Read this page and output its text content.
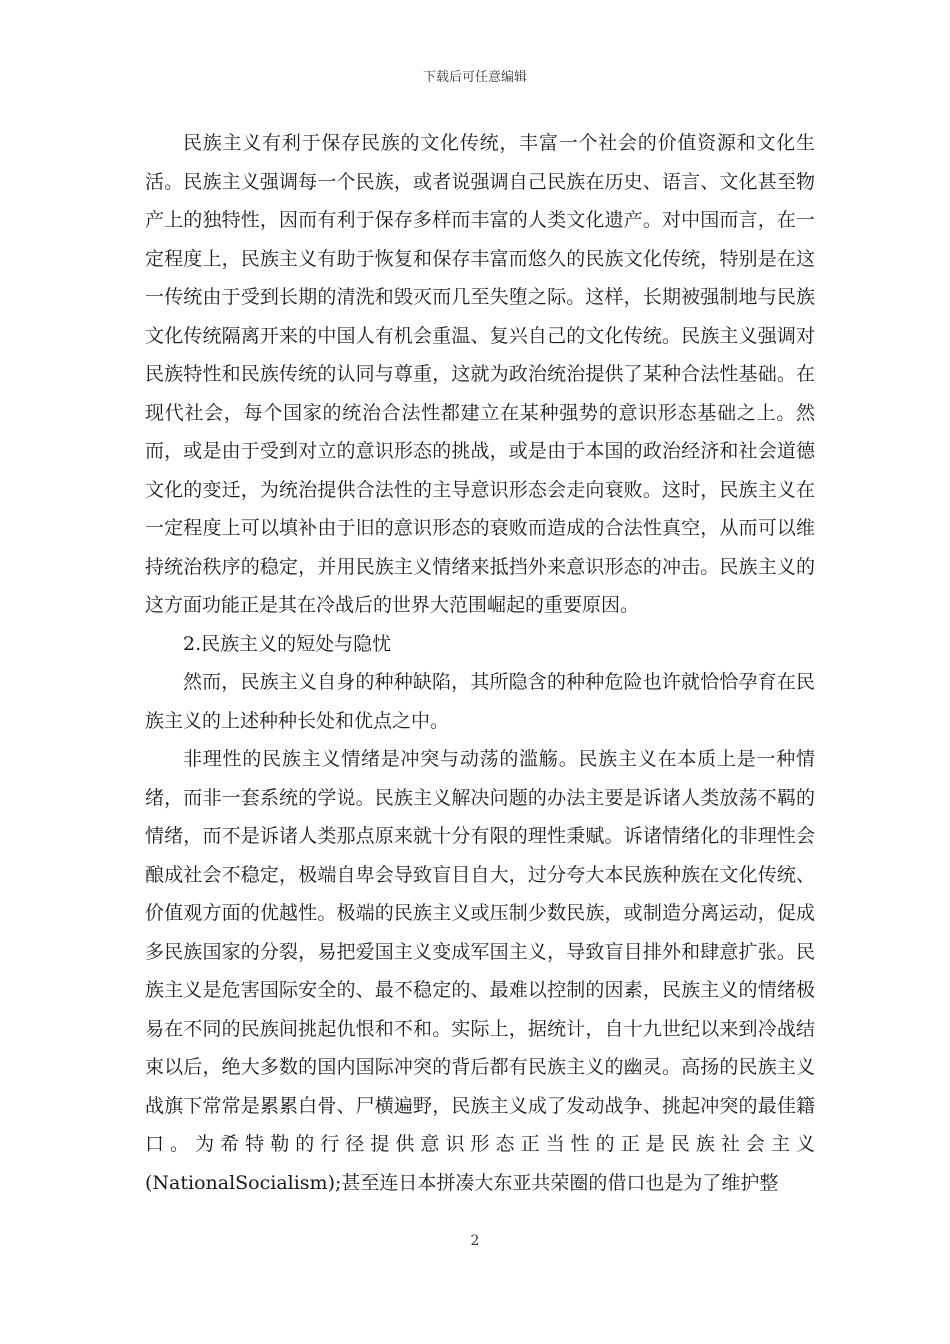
下载后可任意编辑

民族主义有利于保存民族的文化传统，丰富一个社会的价值资源和文化生活。民族主义强调每一个民族，或者说强调自己民族在历史、语言、文化甚至物产上的独特性，因而有利于保存多样而丰富的人类文化遗产。对中国而言，在一定程度上，民族主义有助于恢复和保存丰富而悠久的民族文化传统，特别是在这一传统由于受到长期的清洗和毁灭而几至失堕之际。这样，长期被强制地与民族文化传统隔离开来的中国人有机会重温、复兴自己的文化传统。民族主义强调对民族特性和民族传统的认同与尊重，这就为政治统治提供了某种合法性基础。在现代社会，每个国家的统治合法性都建立在某种强势的意识形态基础之上。然而，或是由于受到对立的意识形态的挑战，或是由于本国的政治经济和社会道德文化的变迁，为统治提供合法性的主导意识形态会走向衰败。这时，民族主义在一定程度上可以填补由于旧的意识形态的衰败而造成的合法性真空，从而可以维持统治秩序的稳定，并用民族主义情绪来抵挡外来意识形态的冲击。民族主义的这方面功能正是其在冷战后的世界大范围崛起的重要原因。

2.民族主义的短处与隐忧

然而，民族主义自身的种种缺陷，其所隐含的种种危险也许就恰恰孕育在民族主义的上述种种长处和优点之中。

非理性的民族主义情绪是冲突与动荡的滥觞。民族主义在本质上是一种情绪，而非一套系统的学说。民族主义解决问题的办法主要是诉诸人类放荡不羁的情绪，而不是诉诸人类那点原来就十分有限的理性秉赋。诉诸情绪化的非理性会酿成社会不稳定，极端自卑会导致盲目自大，过分夸大本民族种族在文化传统、价值观方面的优越性。极端的民族主义或压制少数民族，或制造分离运动，促成多民族国家的分裂，易把爱国主义变成军国主义，导致盲目排外和肆意扩张。民族主义是危害国际安全的、最不稳定的、最难以控制的因素，民族主义的情绪极易在不同的民族间挑起仇恨和不和。实际上，据统计，自十九世纪以来到冷战结束以后，绝大多数的国内国际冲突的背后都有民族主义的幽灵。高扬的民族主义战旗下常常是累累白骨、尸横遍野，民族主义成了发动战争、挑起冲突的最佳籍口。为希特勒的行径提供意识形态正当性的正是民族社会主义(NationalSocialism);甚至连日本拼凑大东亚共荣圈的借口也是为了维护整

2
